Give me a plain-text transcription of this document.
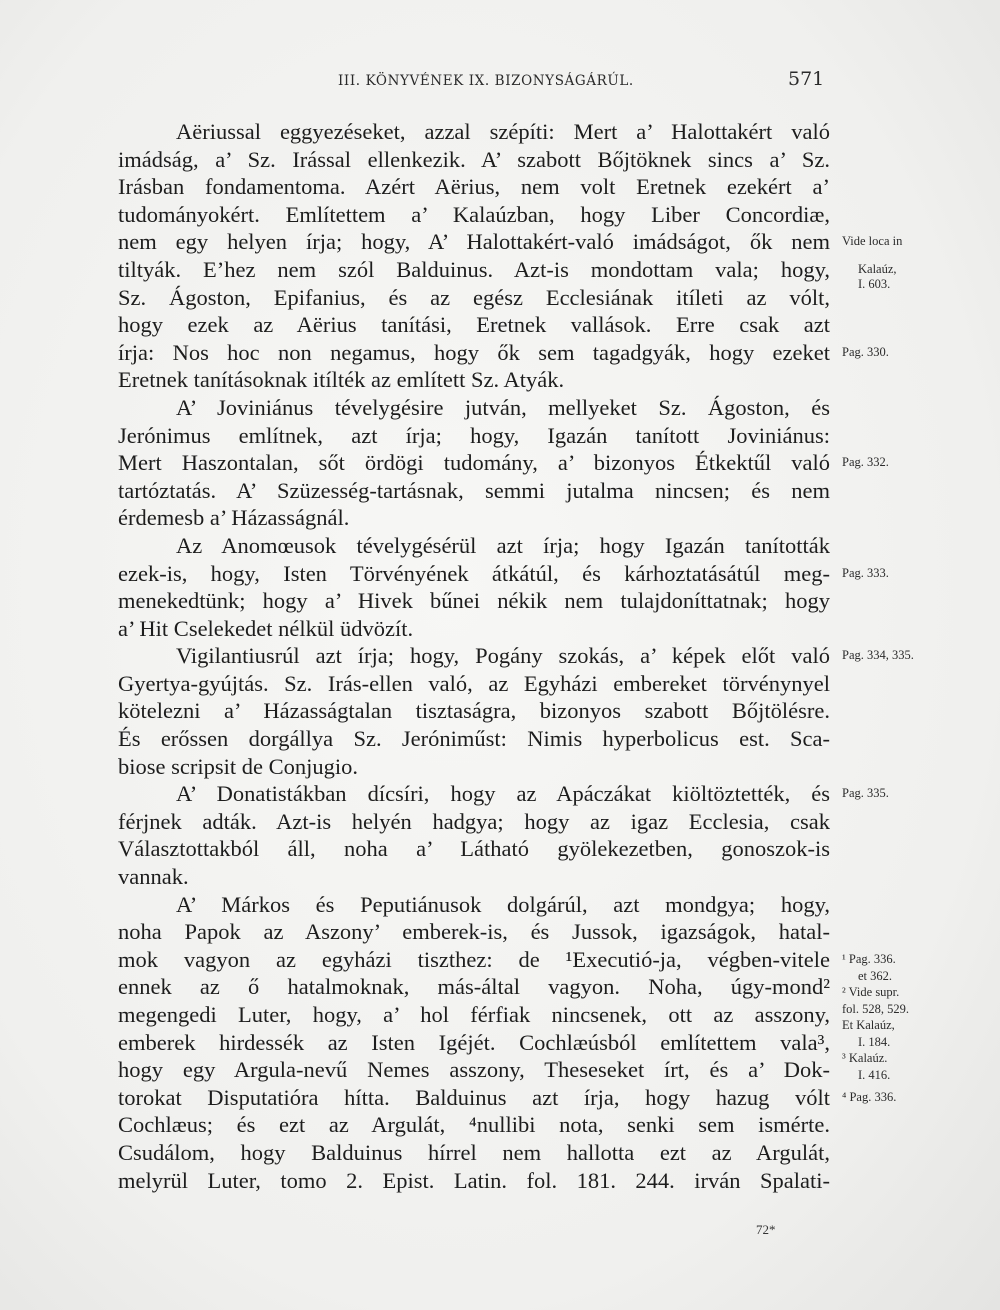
III. KÖNYVÉNEK IX. BIZONYSÁGÁRÚL.	571
Aëriussal eggyezéseket, azzal szépíti: Mert a’ Halottakért való
imádság, a’ Sz. Irással ellenkezik. A’ szabott Bőjtöknek sincs a’ Sz.
Irásban fondamentoma. Azért Aërius, nem volt Eretnek ezekért a’
tudományokért. Említettem a’ Kalaúzban, hogy Liber Concordiæ,
nem egy helyen írja; hogy, A’ Halottakért-való imádságot, ők nem
tiltyák. E’hez nem szól Balduinus. Azt-is mondottam vala; hogy,
Sz. Ágoston, Epifanius, és az egész Ecclesiának itíleti az vólt,
hogy ezek az Aërius tanítási, Eretnek vallások. Erre csak azt
írja: Nos hoc non negamus, hogy ők sem tagadgyák, hogy ezeket
Eretnek tanításoknak itílték az említett Sz. Atyák.
A’ Joviniánus tévelygésire jutván, mellyeket Sz. Ágoston, és
Jerónimus említnek, azt írja; hogy, Igazán tanított Joviniánus:
Mert Haszontalan, sőt ördögi tudomány, a’ bizonyos Étkektűl való
tartóztatás. A’ Szüzesség-tartásnak, semmi jutalma nincsen; és nem
érdemesb a’ Házasságnál.
Az Anomœusok tévelygésérül azt írja; hogy Igazán tanították
ezek-is, hogy, Isten Törvényének átkátúl, és kárhoztatásátúl meg-
menekedtünk; hogy a’ Hivek bűnei nékik nem tulajdoníttatnak; hogy
a’ Hit Cselekedet nélkül üdvözít.
Vigilantiusrúl azt írja; hogy, Pogány szokás, a’ képek előt való
Gyertya-gyújtás. Sz. Irás-ellen való, az Egyházi embereket törvénynyel
kötelezni a’ Házasságtalan tisztaságra, bizonyos szabott Bőjtölésre.
És erőssen dorgállya Sz. Jeróniműst: Nimis hyperbolicus est. Sca-
biose scripsit de Conjugio.
A’ Donatistákban dícsíri, hogy az Apáczákat kiöltöztették, és
férjnek adták. Azt-is helyén hadgya; hogy az igaz Ecclesia, csak
Választottakból áll, noha a’ Látható gyölekezetben, gonoszok-is
vannak.
A’ Márkos és Peputiánusok dolgárúl, azt mondgya; hogy,
noha Papok az Aszony’ emberek-is, és Jussok, igazságok, hatal-
mok vagyon az egyházi tiszthez: de ¹Executió-ja, végben-vitele
ennek az ő hatalmoknak, más-által vagyon. Noha, úgy-mond²
megengedi Luter, hogy, a’ hol férfiak nincsenek, ott az asszony,
emberek hirdessék az Isten Igéjét. Cochlæúsból említettem vala³,
hogy egy Argula-nevű Nemes asszony, Theseseket írt, és a’ Dok-
torokat Disputatióra hítta. Balduinus azt írja, hogy hazug vólt
Cochlæus; és ezt az Argulát, ⁴nullibi nota, senki sem ismérte.
Csudálom, hogy Balduinus hírrel nem hallotta ezt az Argulát,
melyrül Luter, tomo 2. Epist. Latin. fol. 181. 244. irván Spalati-
Vide loca in
Kalaúz,
I. 603.
Pag. 330.
Pag. 332.
Pag. 333.
Pag. 334, 335.
Pag. 335.
¹ Pag. 336.
et 362.
² Vide supr.
fol. 528, 529.
Et Kalaúz,
I. 184.
³ Kalaúz.
I. 416.
⁴ Pag. 336.
72*
